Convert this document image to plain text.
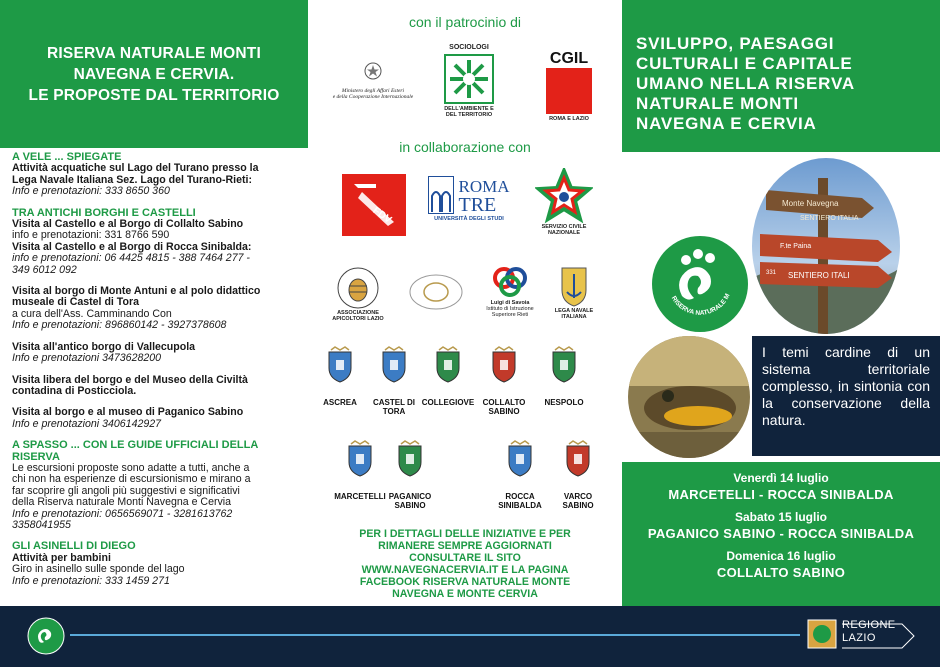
RISERVA NATURALE MONTI
NAVEGNA E CERVIA.
LE PROPOSTE DAL TERRITORIO
A VELE ... SPIEGATE
Attività acquatiche sul Lago del Turano presso la
Lega Navale Italiana Sez. Lago del Turano-Rieti:
Info e prenotazioni: 333 8650 360
TRA ANTICHI BORGHI E CASTELLI
Visita al Castello e al Borgo di Collalto Sabino
info e prenotazioni: 331 8766 590
Visita al Castello e al Borgo di Rocca Sinibalda:
info e prenotazioni: 06 4425 4815 - 388 7464 277 -
349 6012 092
Visita al borgo di Monte Antuni e al polo didattico
museale di Castel di Tora
a cura dell'Ass. Camminando Con
Info e prenotazioni: 896860142 - 3927378608
Visita all'antico borgo di Vallecupola
Info e prenotazioni 3473628200
Visita libera del borgo e del Museo della Civiltà
contadina di Posticciola.
Visita al borgo e al museo di Paganico Sabino
Info e prenotazioni 3406142927
A SPASSO ... CON LE GUIDE UFFICIALI DELLA RISERVA
Le escursioni proposte sono adatte a tutti, anche a
chi non ha esperienze di escursionismo e mirano a
far scoprire gli angoli più suggestivi e significativi
della Riserva naturale Monti Navegna e Cervia
Info e prenotazioni: 0656569071 - 3281613762
3358041955
GLI ASINELLI DI DIEGO
Attività per bambini
Giro in asinello sulle sponde del lago
Info e prenotazioni: 333 1459 271
con il patrocinio di
Ministero degli Affari Esteri
e della Cooperazione Internazionale
SOCIOLOGI
DELL'AMBIENTE E
DEL TERRITORIO
CGIL
ROMA E LAZIO
in collaborazione con
FDV
ROMA
TRE
UNIVERSITÀ DEGLI STUDI
SERVIZIO CIVILE
NAZIONALE
ASSOCIAZIONE
APICOLTORI LAZIO
Luigi di Savoia
Istituto di Istruzione
Superiore Rieti
LEGA NAVALE
ITALIANA
PER I DETTAGLI DELLE INIZIATIVE E PER
RIMANERE SEMPRE AGGIORNATI
CONSULTARE IL SITO
WWW.NAVEGNACERVIA.IT E LA PAGINA
FACEBOOK RISERVA NATURALE MONTE
NAVEGNA E MONTE CERVIA
ASCREA	CASTEL DI TORA
COLLEGIOVE	COLLALTO SABINO
NESPOLO
MARCETELLI PAGANICO SABINO
ROCCA SINIBALDA
VARCO SABINO
SVILUPPO, PAESAGGI
CULTURALI E CAPITALE
UMANO NELLA RISERVA
NATURALE MONTI
NAVEGNA E CERVIA
Monte Navegna
SENTIERO ITALIA
F.te Paina
331 SENTIERO ITALI
RISERVA NATURALE M
I temi cardine di un sistema territoriale complesso, in sintonia con la conservazione della natura.
Venerdì 14 luglio
MARCETELLI - ROCCA SINIBALDA
Sabato 15 luglio
PAGANICO SABINO - ROCCA SINIBALDA
Domenica 16 luglio
COLLALTO SABINO
REGIONE
LAZIO
